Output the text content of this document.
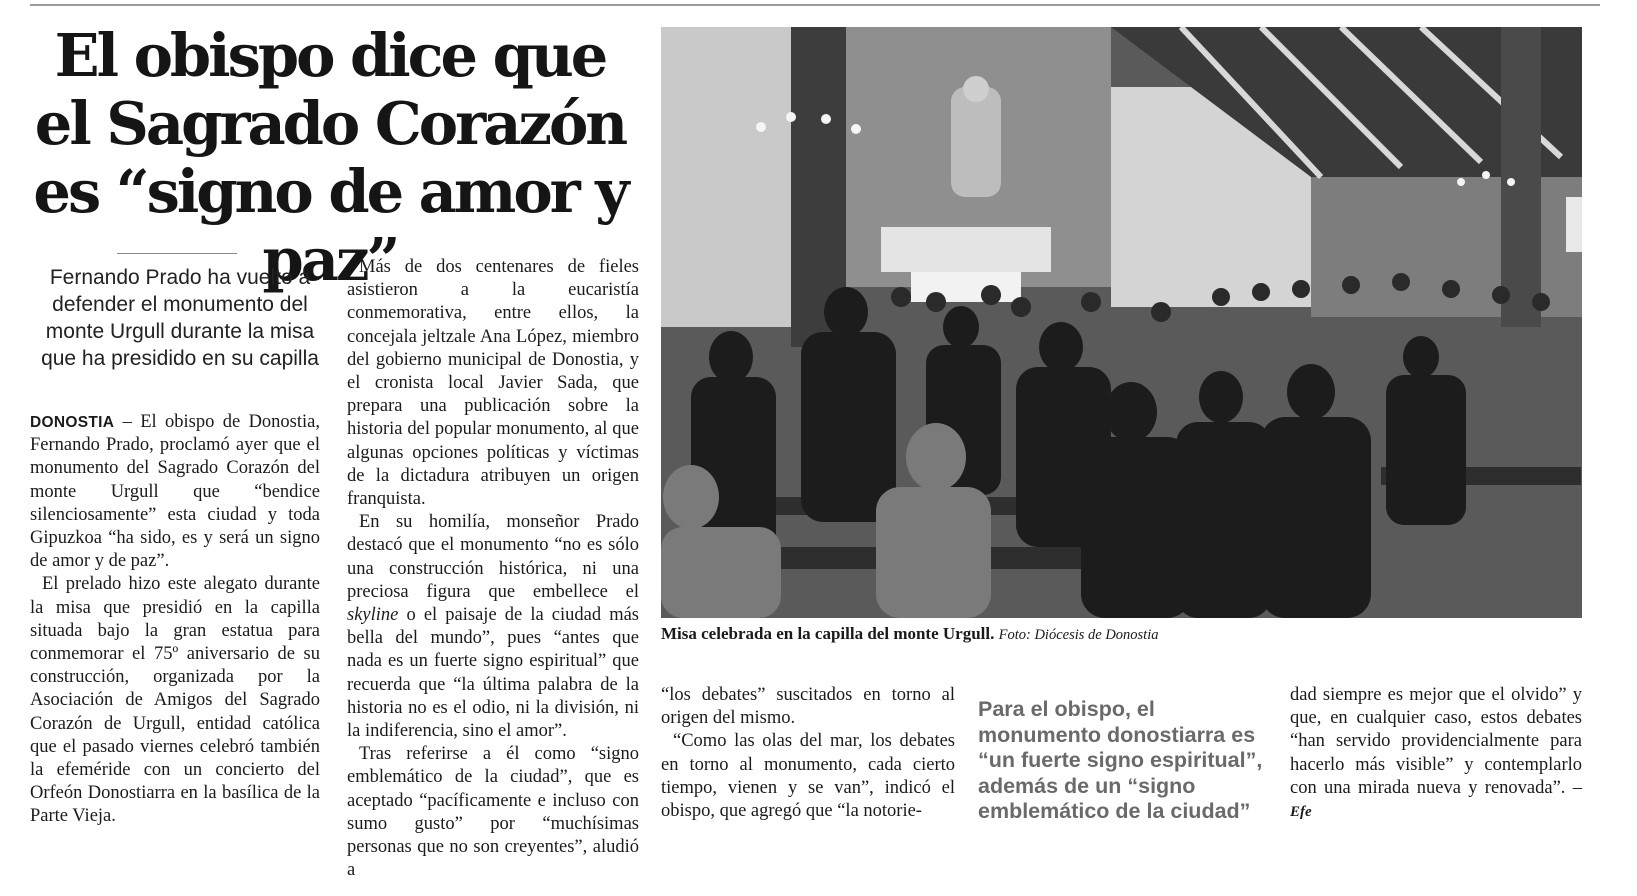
El obispo dice que el Sagrado Corazón es “signo de amor y paz”

Fernando Prado ha vuelto a defender el monumento del monte Urgull durante la misa que ha presidido en su capilla

DONOSTIA – El obispo de Donostia, Fernando Prado, proclamó ayer que el monumento del Sagrado Corazón del monte Urgull que “bendice silenciosamente” esta ciudad y toda Gipuzkoa “ha sido, es y será un signo de amor y de paz”.

El prelado hizo este alegato durante la misa que presidió en la capilla situada bajo la gran estatua para conmemorar el 75º aniversario de su construcción, organizada por la Asociación de Amigos del Sagrado Corazón de Urgull, entidad católica que el pasado viernes celebró también la efeméride con un concierto del Orfeón Donostiarra en la basílica de la Parte Vieja.

Más de dos centenares de fieles asistieron a la eucaristía conmemorativa, entre ellos, la concejala jeltzale Ana López, miembro del gobierno municipal de Donostia, y el cronista local Javier Sada, que prepara una publicación sobre la historia del popular monumento, al que algunas opciones políticas y víctimas de la dictadura atribuyen un origen franquista.

En su homilía, monseñor Prado destacó que el monumento “no es sólo una construcción histórica, ni una preciosa figura que embellece el skyline o el paisaje de la ciudad más bella del mundo”, pues “antes que nada es un fuerte signo espiritual” que recuerda que “la última palabra de la historia no es el odio, ni la división, ni la indiferencia, sino el amor”.

Tras referirse a él como “signo emblemático de la ciudad”, que es aceptado “pacíficamente e incluso con sumo gusto” por “muchísimas personas que no son creyentes”, aludió a

Misa celebrada en la capilla del monte Urgull. Foto: Diócesis de Donostia

“los debates” suscitados en torno al origen del mismo.

“Como las olas del mar, los debates en torno al monumento, cada cierto tiempo, vienen y se van”, indicó el obispo, que agregó que “la notorie-

Para el obispo, el monumento donostiarra es “un fuerte signo espiritual”, además de un “signo emblemático de la ciudad”

dad siempre es mejor que el olvido” y que, en cualquier caso, estos debates “han servido providencialmente para hacerlo más visible” y contemplarlo con una mirada nueva y renovada”. –Efe
